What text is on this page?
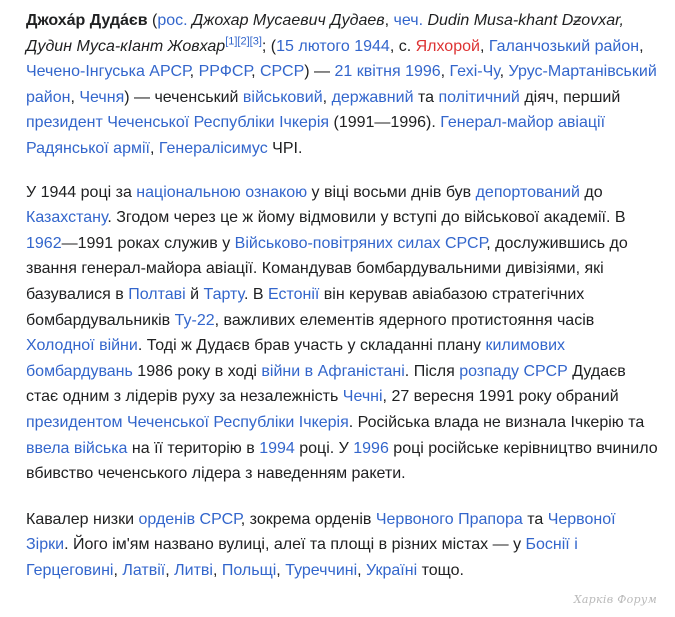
Джоха́р Дуда́єв (рос. Джохар Мусаевич Дудаев, чеч. Dudin Musa-khant Dƶovxar, Дудин Муса-кӀант Жовхар[1][2][3]; (15 лютого 1944, с. Ялхорой, Галанчозький район, Чечено-Інгуська АРСР, РРФСР, СРСР) — 21 квітня 1996, Гехі-Чу, Урус-Мартанівський район, Чечня) — чеченський військовий, державний та політичний діяч, перший президент Чеченської Республіки Ічкерія (1991—1996). Генерал-майор авіації Радянської армії, Генералісимус ЧРІ.

У 1944 році за національною ознакою у віці восьми днів був депортований до Казахстану. Згодом через це ж йому відмовили у вступі до військової академії. В 1962—1991 роках служив у Військово-повітряних силах СРСР, дослужившись до звання генерал-майора авіації. Командував бомбардувальними дивізіями, які базувалися в Полтаві й Тарту. В Естонії він керував авіабазою стратегічних бомбардувальників Ту-22, важливих елементів ядерного протистояння часів Холодної війни. Тоді ж Дудаєв брав участь у складанні плану килимових бомбардувань 1986 року в ході війни в Афганістані. Після розпаду СРСР Дудаєв стає одним з лідерів руху за незалежність Чечні, 27 вересня 1991 року обраний президентом Чеченської Республіки Ічкерія. Російська влада не визнала Ічкерію та ввела війська на її територію в 1994 році. У 1996 році російське керівництво вчинило вбивство чеченського лідера з наведенням ракети.

Кавалер низки орденів СРСР, зокрема орденів Червоного Прапора та Червоної Зірки. Його ім'ям названо вулиці, алеї та площі в різних містах — у Боснії і Герцеговині, Латвії, Литві, Польщі, Туреччині, Україні тощо.

Харків Форум
